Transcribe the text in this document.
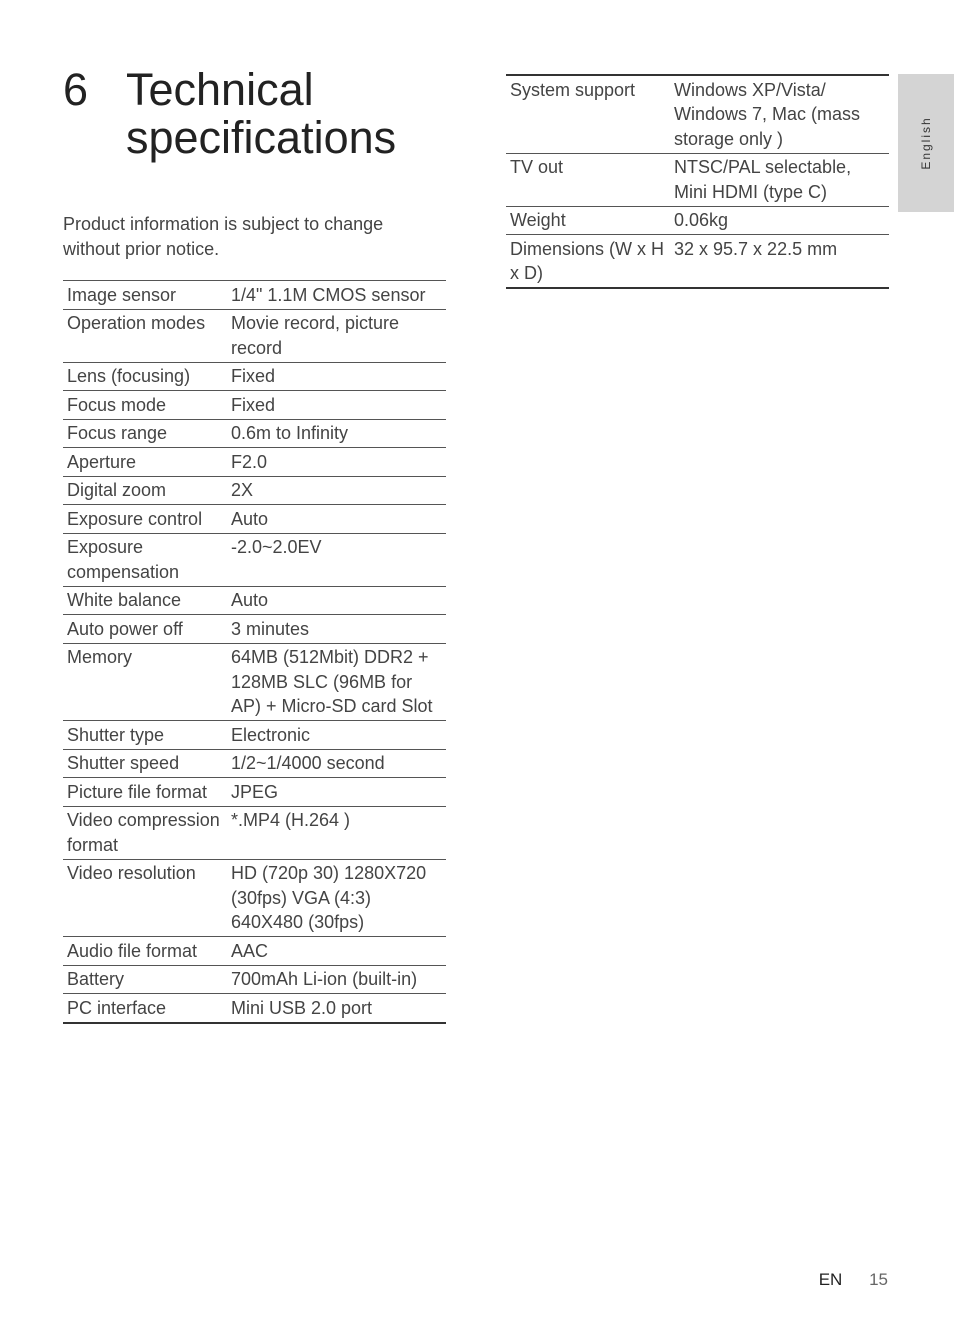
6 Technical specifications

Product information is subject to change without prior notice.

Image sensor	1/4" 1.1M CMOS sensor
Operation modes	Movie record, picture record
Lens (focusing)	Fixed
Focus mode	Fixed
Focus range	0.6m to Infinity
Aperture	F2.0
Digital zoom	2X
Exposure control	Auto
Exposure compensation	-2.0~2.0EV
White balance	Auto
Auto power off	3 minutes
Memory	64MB (512Mbit) DDR2 + 128MB SLC (96MB for AP) + Micro-SD card Slot
Shutter type	Electronic
Shutter speed	1/2~1/4000 second
Picture file format	JPEG
Video compression format	*.MP4 (H.264 )
Video resolution	HD (720p 30) 1280X720 (30fps) VGA (4:3) 640X480 (30fps)
Audio file format	AAC
Battery	700mAh Li-ion (built-in)
PC interface	Mini USB 2.0 port
System support	Windows XP/Vista/ Windows 7, Mac (mass storage only )
TV out	NTSC/PAL selectable, Mini HDMI (type C)
Weight	0.06kg
Dimensions (W x H x D)	32 x 95.7 x 22.5 mm
English
EN 15
